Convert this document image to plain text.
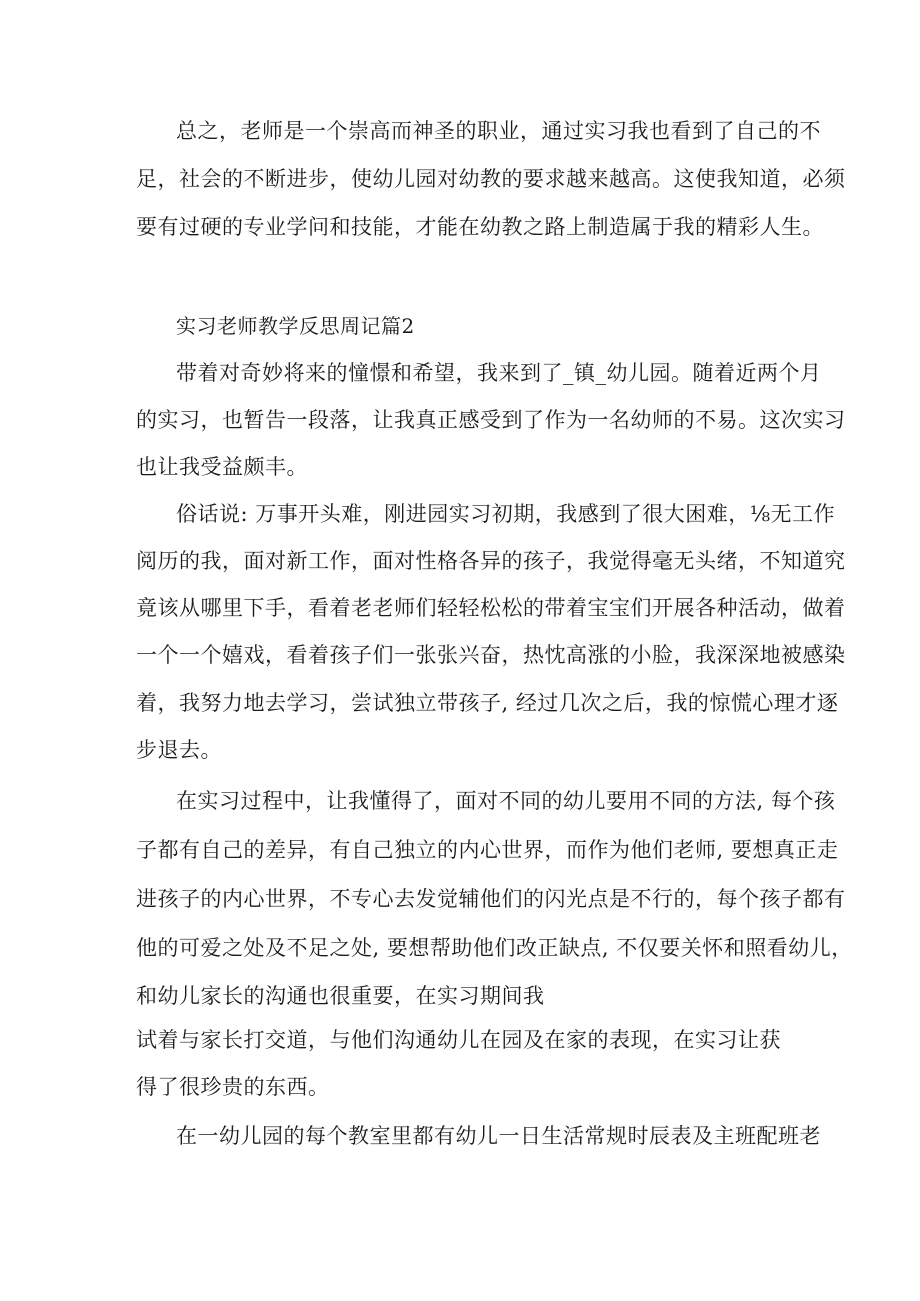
总之，老师是一个崇高而神圣的职业，通过实习我也看到了自己的不
足，社会的不断进步，使幼儿园对幼教的要求越来越高。这使我知道，必须
要有过硬的专业学问和技能，才能在幼教之路上制造属于我的精彩人生。
实习老师教学反思周记篇2
带着对奇妙将来的憧憬和希望，我来到了_镇_幼儿园。随着近两个月
的实习，也暂告一段落，让我真正感受到了作为一名幼师的不易。这次实习
也让我受益颇丰。
俗话说: 万事开头难，刚进园实习初期，我感到了很大困难，⅛无工作
阅历的我，面对新工作，面对性格各异的孩子，我觉得毫无头绪，不知道究
竟该从哪里下手，看着老老师们轻轻松松的带着宝宝们开展各种活动，做着
一个一个嬉戏，看着孩子们一张张兴奋，热忱高涨的小脸，我深深地被感染
着，我努力地去学习，尝试独立带孩子, 经过几次之后，我的惊慌心理才逐
步退去。
在实习过程中，让我懂得了，面对不同的幼儿要用不同的方法, 每个孩
子都有自己的差异，有自己独立的内心世界，而作为他们老师, 要想真正走
进孩子的内心世界，不专心去发觉辅他们的闪光点是不行的，每个孩子都有
他的可爱之处及不足之处, 要想帮助他们改正缺点, 不仅要关怀和照看幼儿，
和幼儿家长的沟通也很重要，在实习期间我
试着与家长打交道，与他们沟通幼儿在园及在家的表现，在实习让获
得了很珍贵的东西。
在一幼儿园的每个教室里都有幼儿一日生活常规时辰表及主班配班老
